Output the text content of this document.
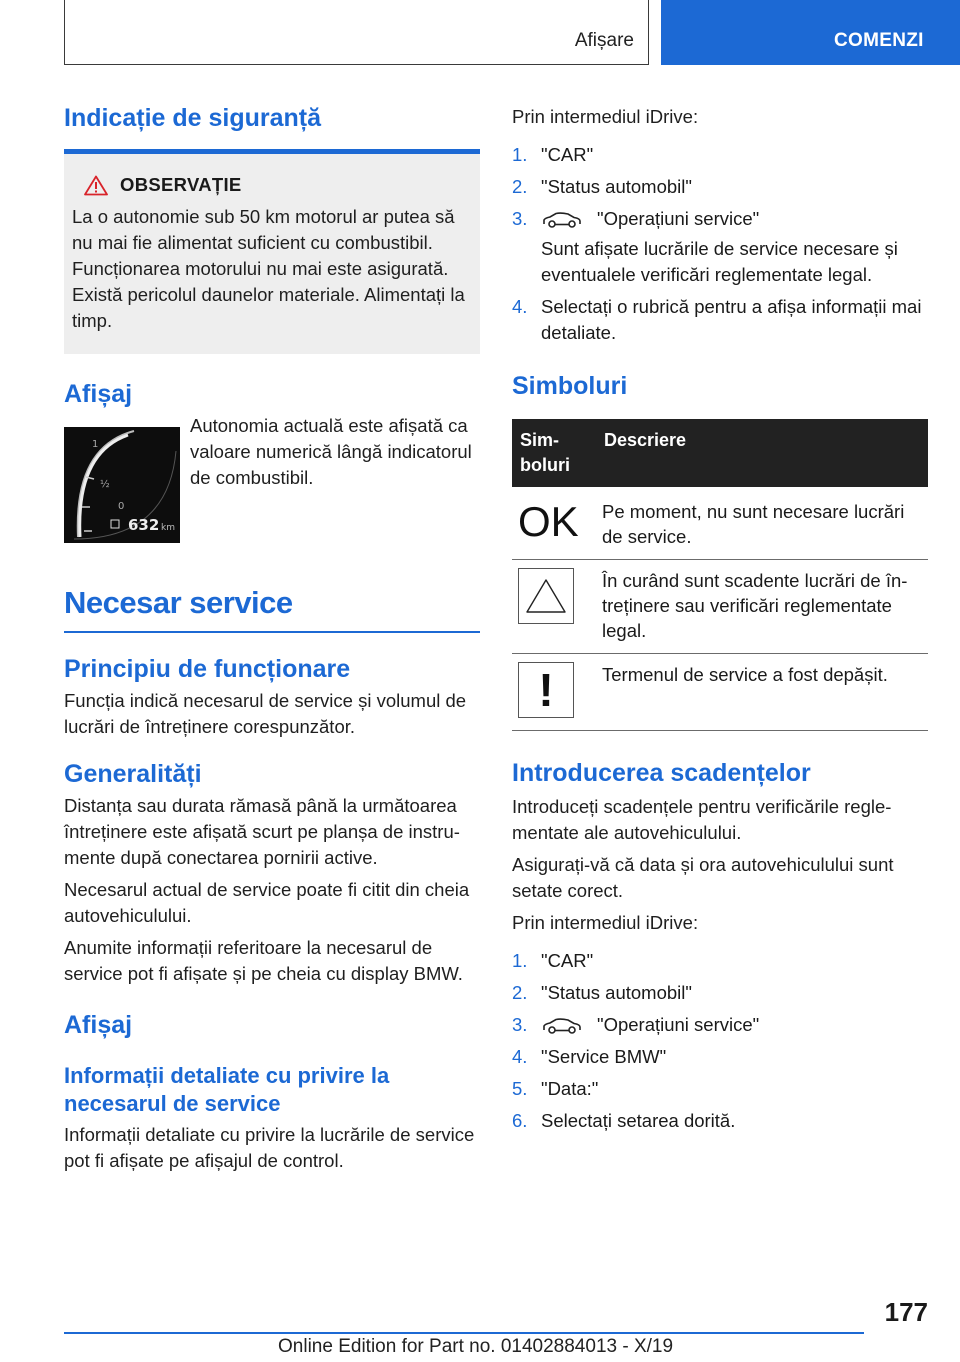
Afișare	COMENZI
Indicație de siguranță
OBSERVAȚIE

La o autonomie sub 50 km motorul ar putea să nu mai fie alimentat suficient cu combustibil. Funcționarea motorului nu mai este asigurată. Există pericolul daunelor materiale. Alimentați la timp.

Afișaj
1
½
0
632 km

Autonomia actuală este afișată ca valoare numerică lângă indicatorul de combustibil.

Necesar service
Principiu de funcționare

Funcția indică necesarul de service și volumul de lucrări de întreținere corespunzător.

Generalități

Distanța sau durata rămasă până la următoarea întreținere este afișată scurt pe planșa de instrumente după conectarea pornirii active.

Necesarul actual de service poate fi citit din cheia autovehiculului.

Anumite informații referitoare la necesarul de service pot fi afișate și pe cheia cu display BMW.

Afișaj
Informații detaliate cu privire la necesarul de service

Informații detaliate cu privire la lucrările de service pot fi afișate pe afișajul de control.

Prin intermediul iDrive:

1. "CAR"
2. "Status automobil"
3.	"Operațiuni service"
Sunt afișate lucrările de service necesare și eventualele verificări reglementate legal.
4. Selectați o rubrică pentru a afișa informații mai detaliate.
Simboluri
Simboluri	Descriere

OK	Pe moment, nu sunt necesare lucrări de service.

	În curând sunt scadente lucrări de întreținere sau verificări reglementate legal.

!	Termenul de service a fost depășit.
Introducerea scadențelor

Introduceți scadențele pentru verificările reglementate ale autovehiculului.

Asigurați-vă că data și ora autovehiculului sunt setate corect.

Prin intermediul iDrive:

1. "CAR"
2. "Status automobil"
3.	"Operațiuni service"
4. "Service BMW"
5. "Data:"
6. Selectați setarea dorită.
177
Online Edition for Part no. 01402884013 - X/19
